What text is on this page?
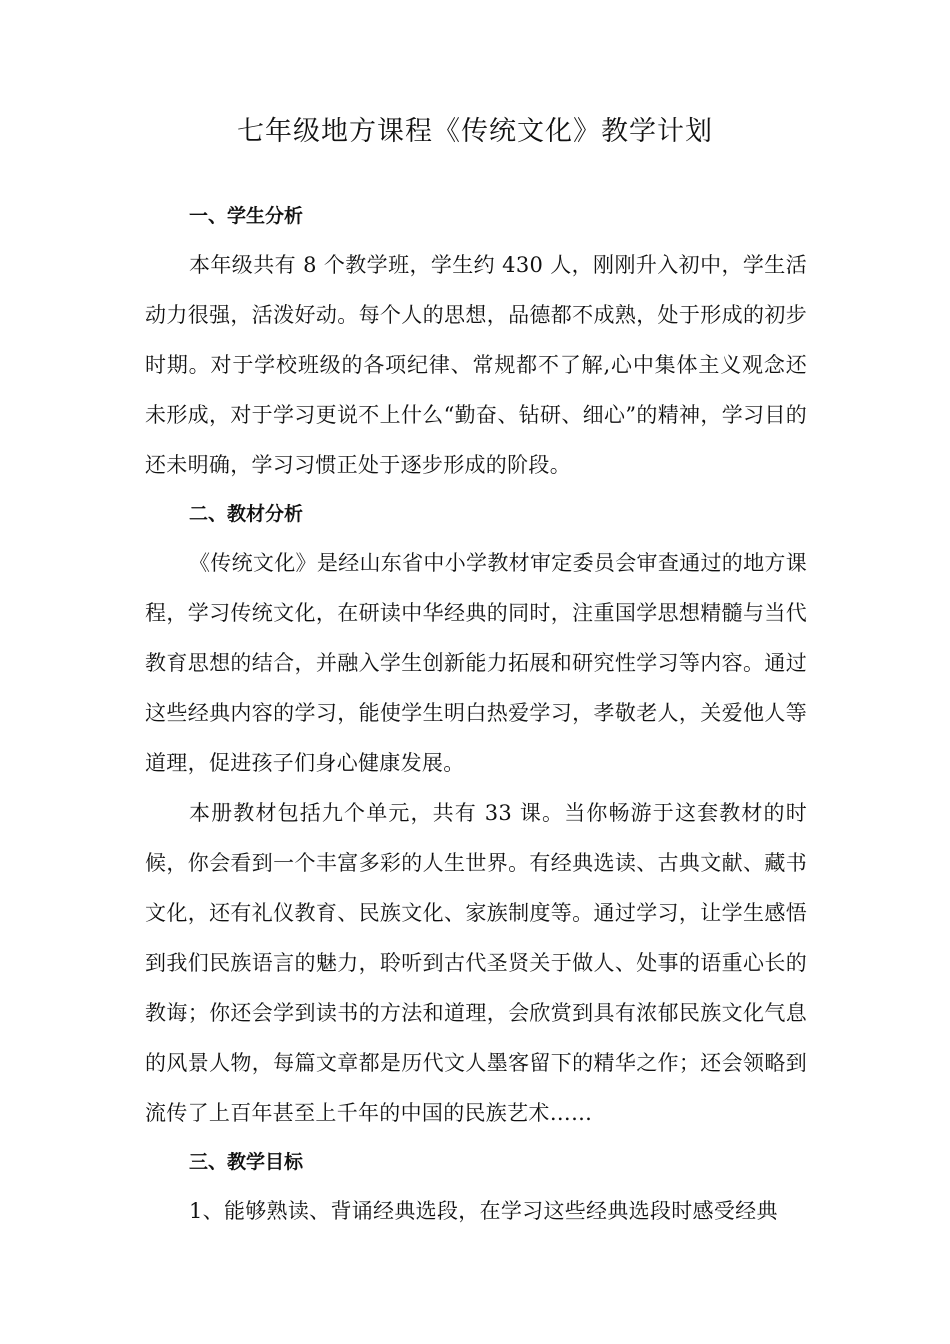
七年级地方课程《传统文化》教学计划
一、学生分析

本年级共有 8 个教学班，学生约 430 人，刚刚升入初中，学生活动力很强，活泼好动。每个人的思想，品德都不成熟，处于形成的初步时期。对于学校班级的各项纪律、常规都不了解,心中集体主义观念还未形成，对于学习更说不上什么“勤奋、钻研、细心”的精神，学习目的还未明确，学习习惯正处于逐步形成的阶段。

二、教材分析

《传统文化》是经山东省中小学教材审定委员会审查通过的地方课程，学习传统文化，在研读中华经典的同时，注重国学思想精髓与当代教育思想的结合，并融入学生创新能力拓展和研究性学习等内容。通过这些经典内容的学习，能使学生明白热爱学习，孝敬老人，关爱他人等道理，促进孩子们身心健康发展。

本册教材包括九个单元，共有 33 课。当你畅游于这套教材的时候，你会看到一个丰富多彩的人生世界。有经典选读、古典文献、藏书文化，还有礼仪教育、民族文化、家族制度等。通过学习，让学生感悟到我们民族语言的魅力，聆听到古代圣贤关于做人、处事的语重心长的教诲；你还会学到读书的方法和道理，会欣赏到具有浓郁民族文化气息的风景人物，每篇文章都是历代文人墨客留下的精华之作；还会领略到流传了上百年甚至上千年的中国的民族艺术……

三、教学目标

1、能够熟读、背诵经典选段，在学习这些经典选段时感受经典
